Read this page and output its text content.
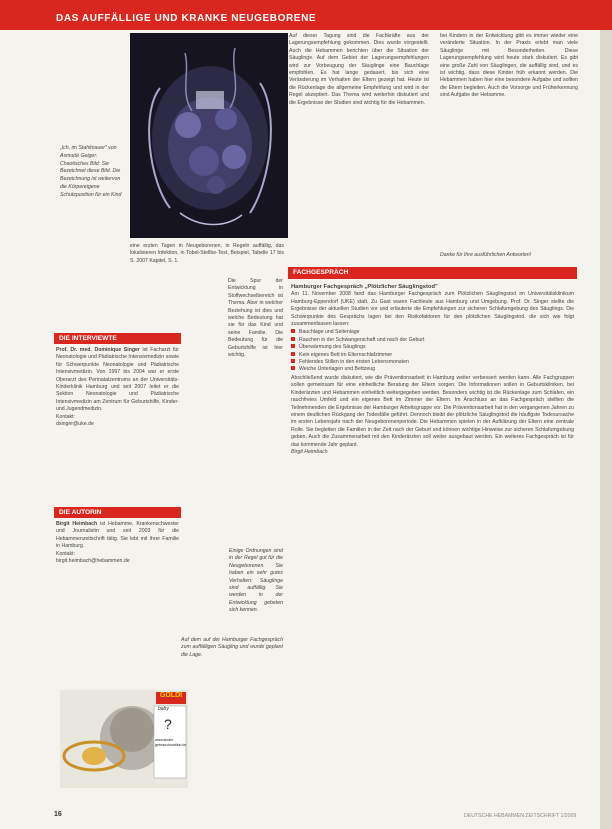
DAS AUFFÄLLIGE UND KRANKE NEUGEBORENE
„Ich, im Stahlmauer" von Asmodé Geiger. Chaotisches Bild: Sie Bezeichnet diese Bild. Die Bezeichnung ist weitervon die Körpereigene Schutzposition für ein Kind
eine ersten Tagen in Neugeborenen, in Regeln auffällig, das lokalisieren Infektion, in Tobel-Stellbe-Test, Beispiel, Tabelle 17 bis S. 2007 Kapitel, S. 1.
Die Spur der Entwicklung in Stoffwechselbereich ist Thema. Aber in welcher Beziehung ist dies und welche Bedeutung hat sie für das Kind und seine Familie. Die Bedeutung für die Geburtshilfe ist hier wichtig.
Einige Ordnungen sind in der Regel gut für die Neugeborenen. Sie haben ein sehr gutes Verhalten: Säuglinge sind auffällig. Sie werden in der Entwicklung gebeten sich kennen.
Auf dem auf der Hamburger Fachgespräch zum auffälligen Säugling und wurde geplant die Lage.
DIE INTERVIEWTE
Prof. Dr. med. Dominique Singer ist Facharzt für Neonatologie und Pädiatrische Intensivmedizin sowie für Schwerpunkte Neonatologie und Pädiatrische Intensivmedizin. Von 1997 bis 2004 war er erste Oberarzt des Perinatalzentrums an der Universitäts-Kinderklinik Hamburg und seit 2007 leitet er die Sektion Neonatologie und Pädiatrische Intensivmedizin am Zentrum für Geburtshilfe, Kinder- und Jugendmedizin.
Kontakt:
dsinger@uke.de
DIE AUTORIN
Birgit Heimbach ist Hebamme, Krankenschwester und Journalistin und seit 2003 für die Hebammenzeitschrift tätig. Sie lebt mit ihrer Familie in Hamburg.
Kontakt:
birgit.heimbach@hebammen.de
Auf dieser Tagung sind die Fachkräfte aus der Lagerungsempfehlung gekommen. Dies wurde vorgestellt. Auch die Hebammen berichten über die Situation der Säuglinge. Auf dem Gebiet der Lagerungsempfehlungen wird zur Vorbeugung der Säuglinge eine Bauchlage empfohlen. Es hat lange gedauert, bis sich eine Veränderung im Verhalten der Eltern gezeigt hat. Heute ist die Rückenlage die allgemeine Empfehlung und wird in der Regel akzeptiert. Das Thema wird weiterhin diskutiert und die Ergebnisse der Studien sind wichtig für die Hebammen.
bei Kindern in der Entwicklung gibt es immer wieder eine veränderte Situation. In der Praxis erlebt man viele Säuglinge mit Besonderheiten. Diese Lagerungsempfehlung wird heute stark diskutiert. Es gibt eine große Zahl von Säuglingen, die auffällig sind, und es ist wichtig, dass diese Kinder früh erkannt werden. Die Hebammen haben hier eine besondere Aufgabe und sollten die Eltern begleiten. Auch die Vorsorge und Früherkennung sind Aufgabe der Hebamme.
Danke für Ihre ausführlichen Antworten!
FACHGESPRÄCH
Hamburger Fachgespräch „Plötzlicher Säuglingstod"
Am 11. November 2008 fand das Hamburger Fachgespräch zum Plötzlichen Säuglingstod im Universitätsklinikum Hamburg-Eppendorf (UKE) statt. Zu Gast waren Fachleute aus Hamburg und Umgebung. Prof. Dr. Singer stellte die Ergebnisse der aktuellen Studien vor und erläuterte die Empfehlungen zur sicheren Schlafumgebung des Säuglings. Die Schwerpunkte des Gesprächs lagen bei den Risikofaktoren für den plötzlichen Säuglingstod, die sich wie folgt zusammenfassen lassen:
Bauchlage und Seitenlage
Rauchen in der Schwangerschaft und nach der Geburt
Überwärmung des Säuglings
Kein eigenes Bett im Elternschlafzimmer
Fehlendes Stillen in den ersten Lebensmonaten
Weiche Unterlagen und Bettzeug
Abschließend wurde diskutiert, wie die Präventionsarbeit in Hamburg weiter verbessert werden kann. Alle Fachgruppen sollen gemeinsam für eine einheitliche Beratung der Eltern sorgen. Die Informationen sollen in Geburtskliniken, bei Kinderärzten und Hebammen einheitlich weitergegeben werden. Besonders wichtig ist die Rückenlage zum Schlafen, ein rauchfreies Umfeld und ein eigenes Bett im Zimmer der Eltern. Im Anschluss an das Fachgespräch stellten die Teilnehmenden die Ergebnisse der Hamburger Arbeitsgruppe vor. Die Präventionsarbeit hat in den vergangenen Jahren zu einem deutlichen Rückgang der Todesfälle geführt. Dennoch bleibt der plötzliche Säuglingstod die häufigste Todesursache im ersten Lebensjahr nach der Neugeborenenperiode. Die Hebammen spielen in der Aufklärung der Eltern eine zentrale Rolle. Sie begleiten die Familien in der Zeit nach der Geburt und können wichtige Hinweise zur sicheren Schlafumgebung geben. Auch die Zusammenarbeit mit den Kinderärzten soll weiter ausgebaut werden. Ein weiteres Fachgespräch ist für das kommende Jahr geplant.
Birgit Heimbach
GOLDI
baby
?
www.kinder-gebrauchsartikel.de
16	DEUTSCHE HEBAMMEN ZEITSCHRIFT 1/2009
